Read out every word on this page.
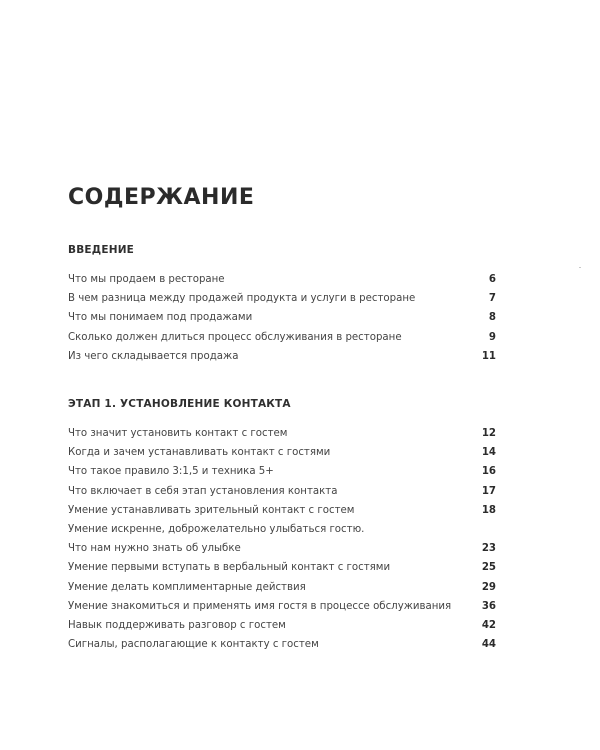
СОДЕРЖАНИЕ
ВВЕДЕНИЕ
Что мы продаем в ресторане	6
В чем разница между продажей продукта и услуги в ресторане	7
Что мы понимаем под продажами	8
Сколько должен длиться процесс обслуживания в ресторане	9
Из чего складывается продажа	11
ЭТАП 1. УСТАНОВЛЕНИЕ КОНТАКТА
Что значит установить контакт с гостем	12
Когда и зачем устанавливать контакт с гостями	14
Что такое правило 3:1,5 и техника 5+	16
Что включает в себя этап установления контакта	17
Умение устанавливать зрительный контакт с гостем	18
Умение искренне, доброжелательно улыбаться гостю.
Что нам нужно знать об улыбке	23
Умение первыми вступать в вербальный контакт с гостями	25
Умение делать комплиментарные действия	29
Умение знакомиться и применять имя гостя в процессе обслуживания	36
Навык поддерживать разговор с гостем	42
Сигналы, располагающие к контакту с гостем	44
